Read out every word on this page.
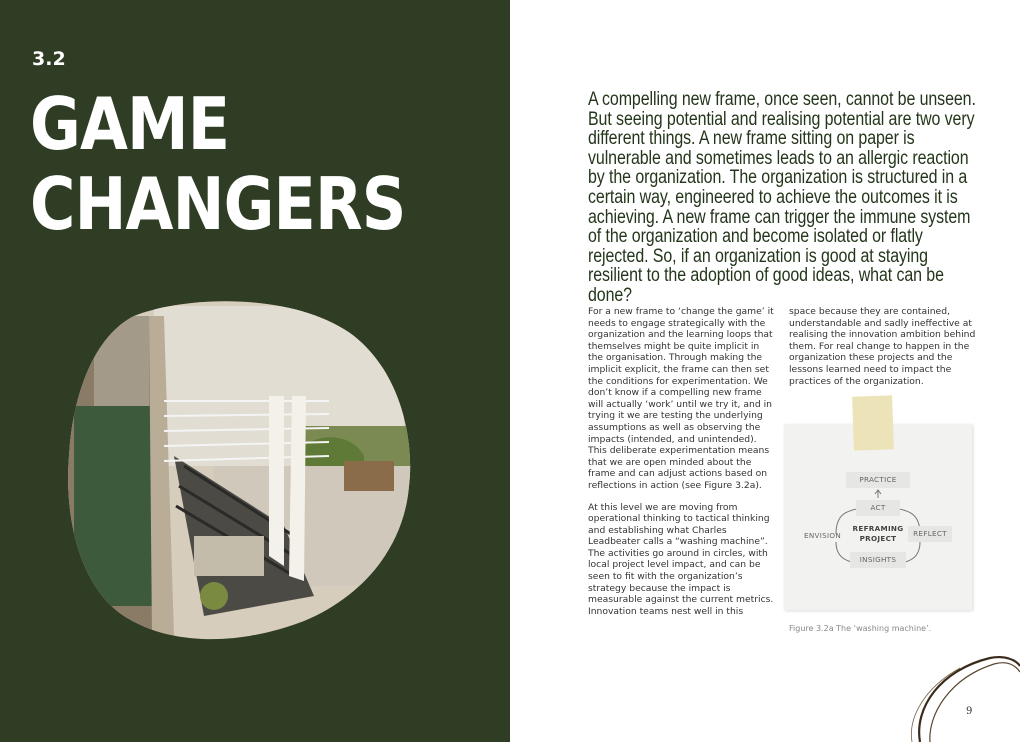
3.2
GAME
CHANGERS
A compelling new frame, once seen, cannot be unseen. But seeing potential and realising potential are two very different things. A new frame sitting on paper is vulnerable and sometimes leads to an allergic reaction by the organization. The organization is structured in a certain way, engineered to achieve the outcomes it is achieving. A new frame can trigger the immune system of the organization and become isolated or flatly rejected. So, if an organization is good at staying resilient to the adoption of good ideas, what can be done?

For a new frame to ‘change the game’ it needs to engage strategically with the organization and the learning loops that themselves might be quite implicit in the organisation. Through making the implicit explicit, the frame can then set the conditions for experimentation. We don’t know if a compelling new frame will actually ‘work’ until we try it, and in trying it we are testing the underlying assumptions as well as observing the impacts (intended, and unintended). This deliberate experimentation means that we are open minded about the frame and can adjust actions based on reflections in action (see Figure 3.2a).

At this level we are moving from operational thinking to tactical thinking and establishing what Charles Leadbeater calls a “washing machine”. The activities go around in circles, with local project level impact, and can be seen to fit with the organization’s strategy because the impact is measurable against the current metrics. Innovation teams nest well in this

space because they are contained, understandable and sadly ineffective at realising the innovation ambition behind them. For real change to happen in the organization these projects and the lessons learned need to impact the practices of the organization.

PRACTICE
ACT
ENVISION
REFRAMING
PROJECT
REFLECT
INSIGHTS
Figure 3.2a The ‘washing machine’.
9
